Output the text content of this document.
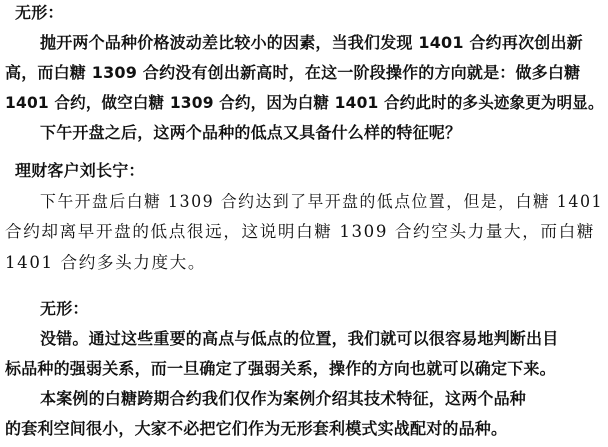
无形：
抛开两个品种价格波动差比较小的因素，当我们发现 1401 合约再次创出新
高，而白糖 1309 合约没有创出新高时，在这一阶段操作的方向就是：做多白糖
1401 合约，做空白糖 1309 合约，因为白糖 1401 合约此时的多头迹象更为明显。
下午开盘之后，这两个品种的低点又具备什么样的特征呢？
理财客户刘长宁：
下午开盘后白糖 1309 合约达到了早开盘的低点位置，但是，白糖 1401
合约却离早开盘的低点很远，这说明白糖 1309 合约空头力量大，而白糖
1401 合约多头力度大。
无形：
没错。通过这些重要的高点与低点的位置，我们就可以很容易地判断出目
标品种的强弱关系，而一旦确定了强弱关系，操作的方向也就可以确定下来。
本案例的白糖跨期合约我们仅作为案例介绍其技术特征，这两个品种
的套利空间很小，大家不必把它们作为无形套利模式实战配对的品种。
